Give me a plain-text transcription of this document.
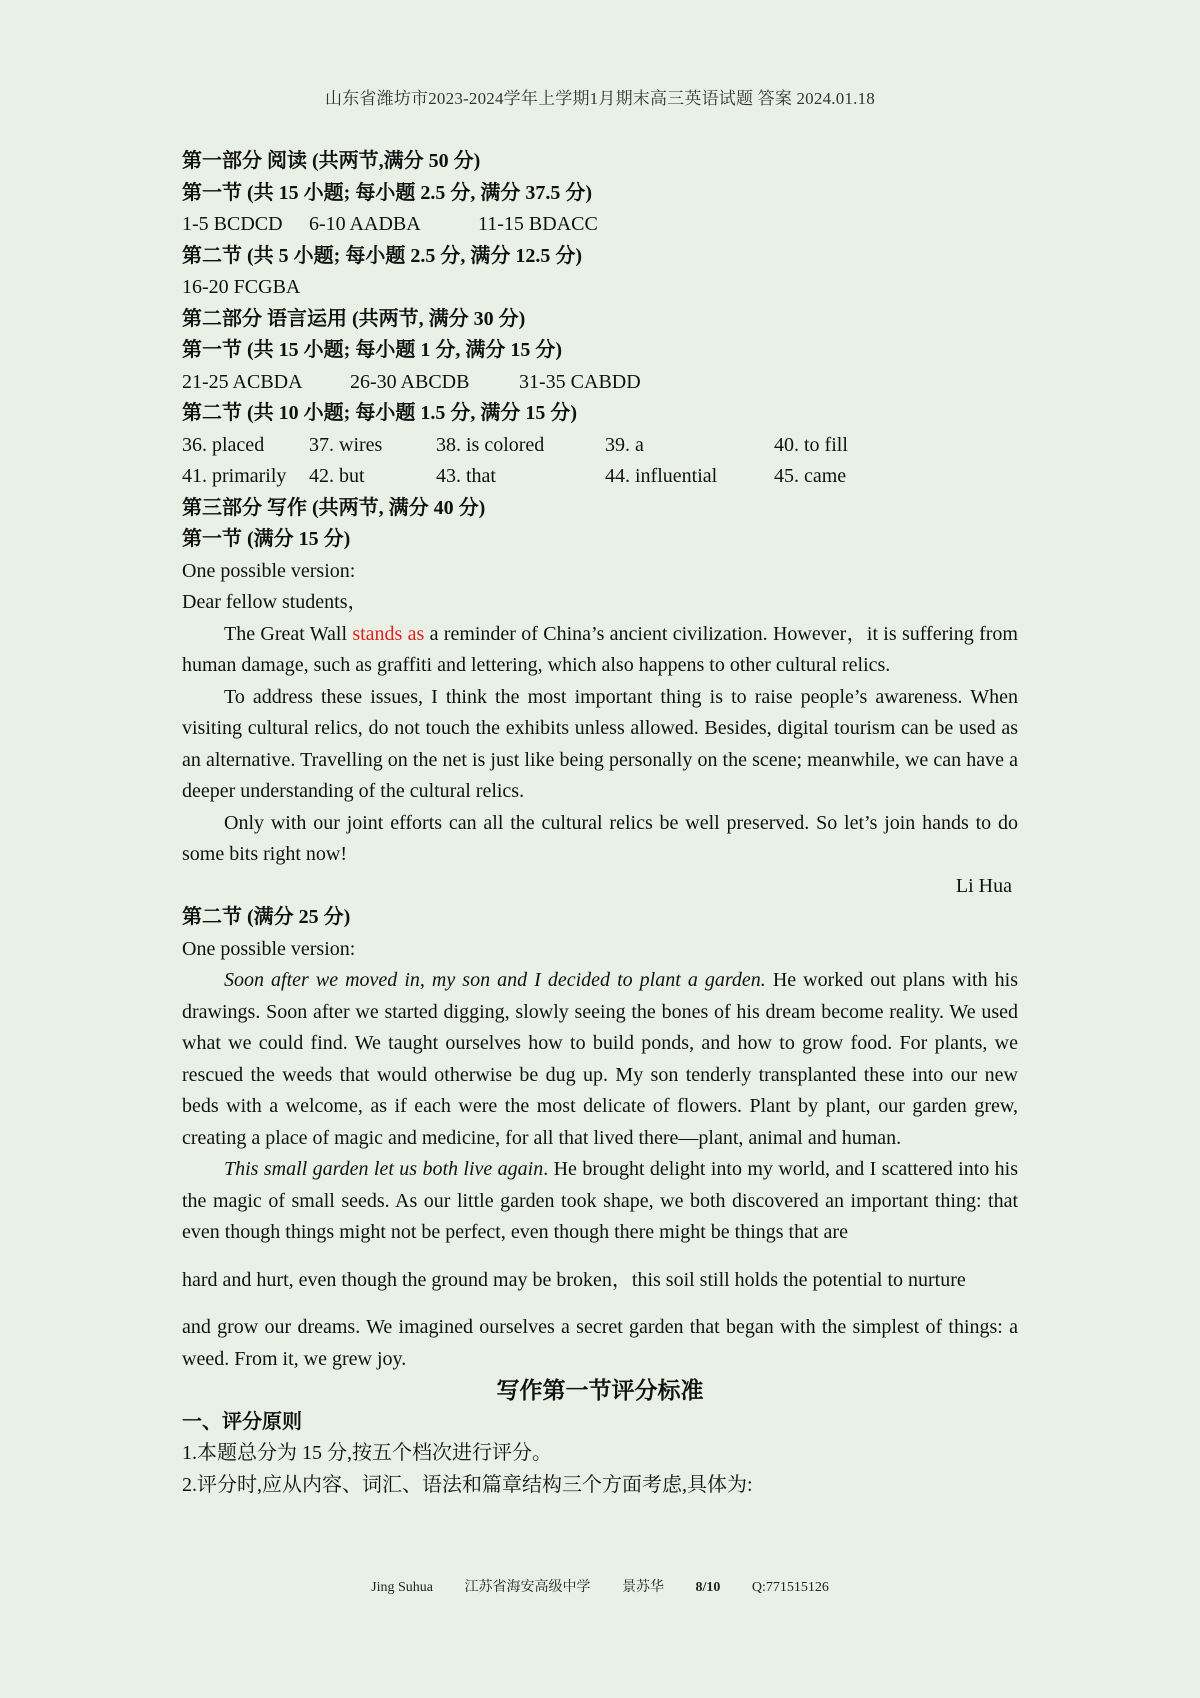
山东省潍坊市2023-2024学年上学期1月期末高三英语试题 答案 2024.01.18

第一部分 阅读 (共两节,满分 50 分)

第一节 (共 15 小题; 每小题 2.5 分, 满分 37.5 分)

1-5 BCDCD	6-10 AADBA	11-15 BDACC

第二节 (共 5 小题; 每小题 2.5 分, 满分 12.5 分)

16-20 FCGBA

第二部分 语言运用 (共两节, 满分 30 分)

第一节 (共 15 小题; 每小题 1 分, 满分 15 分)

21-25 ACBDA	26-30 ABCDB	31-35 CABDD

第二节 (共 10 小题; 每小题 1.5 分, 满分 15 分)

36. placed	37. wires	38. is colored	39. a	40. to fill
41. primarily	42. but	43. that	44. influential	45. came

第三部分 写作 (共两节, 满分 40 分)

第一节 (满分 15 分)

One possible version:

Dear fellow students，

The Great Wall stands as a reminder of China’s ancient civilization. However，it is suffering from human damage, such as graffiti and lettering, which also happens to other cultural relics.

To address these issues, I think the most important thing is to raise people’s awareness. When visiting cultural relics, do not touch the exhibits unless allowed. Besides, digital tourism can be used as an alternative. Travelling on the net is just like being personally on the scene; meanwhile, we can have a deeper understanding of the cultural relics.

Only with our joint efforts can all the cultural relics be well preserved. So let’s join hands to do some bits right now!

Li Hua

第二节 (满分 25 分)

One possible version:

Soon after we moved in, my son and I decided to plant a garden. He worked out plans with his drawings. Soon after we started digging, slowly seeing the bones of his dream become reality. We used what we could find. We taught ourselves how to build ponds, and how to grow food. For plants, we rescued the weeds that would otherwise be dug up. My son tenderly transplanted these into our new beds with a welcome, as if each were the most delicate of flowers. Plant by plant, our garden grew, creating a place of magic and medicine, for all that lived there—plant, animal and human.

This small garden let us both live again. He brought delight into my world, and I scattered into his the magic of small seeds. As our little garden took shape, we both discovered an important thing: that even though things might not be perfect, even though there might be things that are

hard and hurt, even though the ground may be broken，this soil still holds the potential to nurture

and grow our dreams. We imagined ourselves a secret garden that began with the simplest of things: a weed. From it, we grew joy.

写作第一节评分标准

一、评分原则

1.本题总分为 15 分,按五个档次进行评分。

2.评分时,应从内容、词汇、语法和篇章结构三个方面考虑,具体为:

Jing Suhua 江苏省海安高级中学 景苏华 8/10 Q:771515126
